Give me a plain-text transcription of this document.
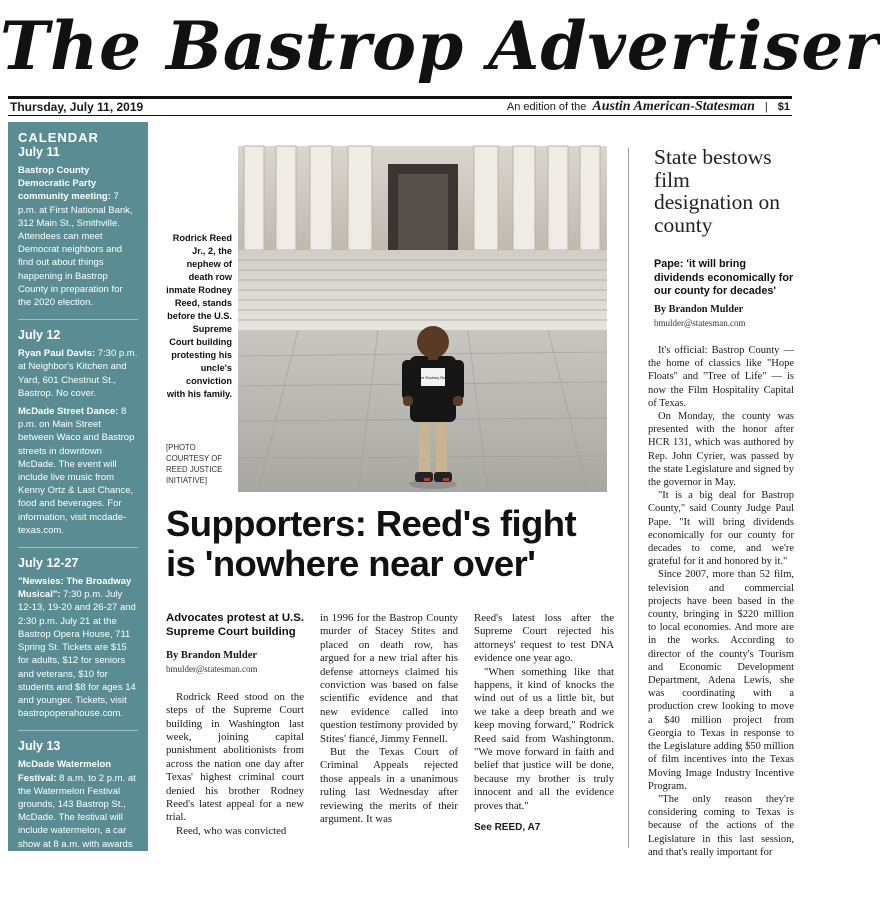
The Bastrop Advertiser
Thursday, July 11, 2019	An edition of the Austin American-Statesman | $1
CALENDAR
July 11
Bastrop County Democratic Party community meeting: 7 p.m. at First National Bank, 312 Main St., Smithville. Attendees can meet Democrat neighbors and find out about things happening in Bastrop County in preparation for the 2020 election.
July 12
Ryan Paul Davis: 7:30 p.m. at Neighbor's Kitchen and Yard, 601 Chestnut St., Bastrop. No cover.
McDade Street Dance: 8 p.m. on Main Street between Waco and Bastrop streets in downtown McDade. The event will include live music from Kenny Ortz & Last Chance, food and beverages. For information, visit mcdade-texas.com.
July 12-27
"Newsies: The Broadway Musical": 7:30 p.m. July 12-13, 19-20 and 26-27 and 2:30 p.m. July 21 at the Bastrop Opera House, 711 Spring St. Tickets are $15 for adults, $12 for seniors and veterans, $10 for students and $8 for ages 14 and younger. Tickets, visit bastropoperahouse.com.
July 13
McDade Watermelon Festival: 8 a.m. to 2 p.m. at the Watermelon Festival grounds, 143 Bastrop St., McDade. The festival will include watermelon, a car show at 8 a.m. with awards at 2 p.m., the Watermelon Queens Revue and a parade at 10:30 a.m. along Main Street. An auction will be at 5 p.m. Other activities
Rodrick Reed Jr., 2, the nephew of death row inmate Rodney Reed, stands before the U.S. Supreme Court building protesting his uncle's conviction with his family.
[PHOTO COURTESY OF REED JUSTICE INITIATIVE]
Free Rodney Reed
Supporters: Reed's fight is 'nowhere near over'
Advocates protest at U.S. Supreme Court building
By Brandon Mulder
bmulder@statesman.com

Rodrick Reed stood on the steps of the Supreme Court building in Washington last week, joining capital punishment abolitionists from across the nation one day after Texas' highest criminal court denied his brother Rodney Reed's latest appeal for a new trial.

Reed, who was convicted

in 1996 for the Bastrop County murder of Stacey Stites and placed on death row, has argued for a new trial after his defense attorneys claimed his conviction was based on false scientific evidence and that new evidence called into question testimony provided by Stites' fiancé, Jimmy Fennell.

But the Texas Court of Criminal Appeals rejected those appeals in a unanimous ruling last Wednesday after reviewing the merits of their argument. It was

Reed's latest loss after the Supreme Court rejected his attorneys' request to test DNA evidence one year ago.

"When something like that happens, it kind of knocks the wind out of us a little bit, but we take a deep breath and we keep moving forward," Rodrick Reed said from Washingtonm. "We move forward in faith and belief that justice will be done, because my brother is truly innocent and all the evidence proves that."

See REED, A7
State bestows film designation on county
Pape: 'it will bring dividends economically for our county for decades'
By Brandon Mulder
bmulder@statesman.com

It's official: Bastrop County — the home of classics like "Hope Floats" and "Tree of Life" — is now the Film Hospitality Capital of Texas.

On Monday, the county was presented with the honor after HCR 131, which was authored by Rep. John Cyrier, was passed by the state Legislature and signed by the governor in May.

"It is a big deal for Bastrop County," said County Judge Paul Pape. "It will bring dividends economically for our county for decades to come, and we're grateful for it and honored by it."

Since 2007, more than 52 film, television and commercial projects have been based in the county, bringing in $220 million to local economies. And more are in the works. According to director of the county's Tourism and Economic Development Department, Adena Lewis, she was coordinating with a production crew looking to move a $40 million project from Georgia to Texas in response to the Legislature adding $50 million of film incentives into the Texas Moving Image Industry Incentive Program.

"The only reason they're considering coming to Texas is because of the actions of the Legislature in this last session, and that's really important for
